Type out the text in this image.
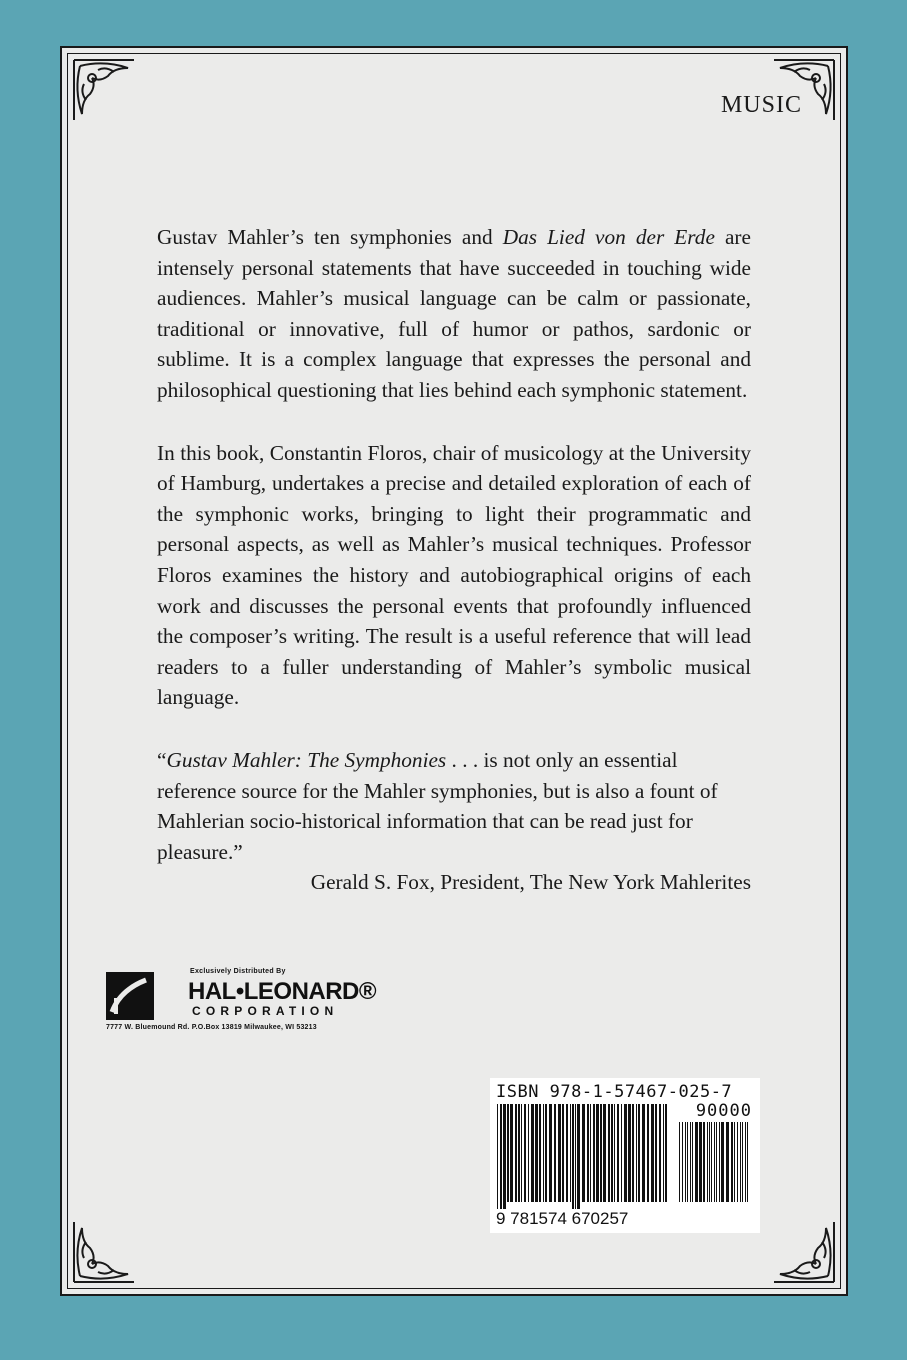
MUSIC

Gustav Mahler’s ten symphonies and Das Lied von der Erde are intensely personal statements that have succeeded in touching wide audiences. Mahler’s musical language can be calm or passionate, traditional or innovative, full of humor or pathos, sardonic or sublime. It is a complex language that expresses the personal and philosophical questioning that lies behind each symphonic statement.

In this book, Constantin Floros, chair of musicology at the University of Hamburg, undertakes a precise and detailed exploration of each of the symphonic works, bringing to light their programmatic and personal aspects, as well as Mahler’s musical techniques. Professor Floros examines the history and autobiographical origins of each work and discusses the personal events that profoundly influenced the composer’s writing. The result is a useful reference that will lead readers to a fuller understanding of Mahler’s symbolic musical language.

“Gustav Mahler: The Symphonies . . . is not only an essential reference source for the Mahler symphonies, but is also a fount of Mahlerian socio-historical information that can be read just for pleasure.”

Gerald S. Fox, President, The New York Mahlerites
Exclusively Distributed By
HAL•LEONARD®
CORPORATION
7777 W. Bluemound Rd. P.O.Box 13819 Milwaukee, WI 53213
ISBN 978-1-57467-025-7
90000
9 781574 670257
